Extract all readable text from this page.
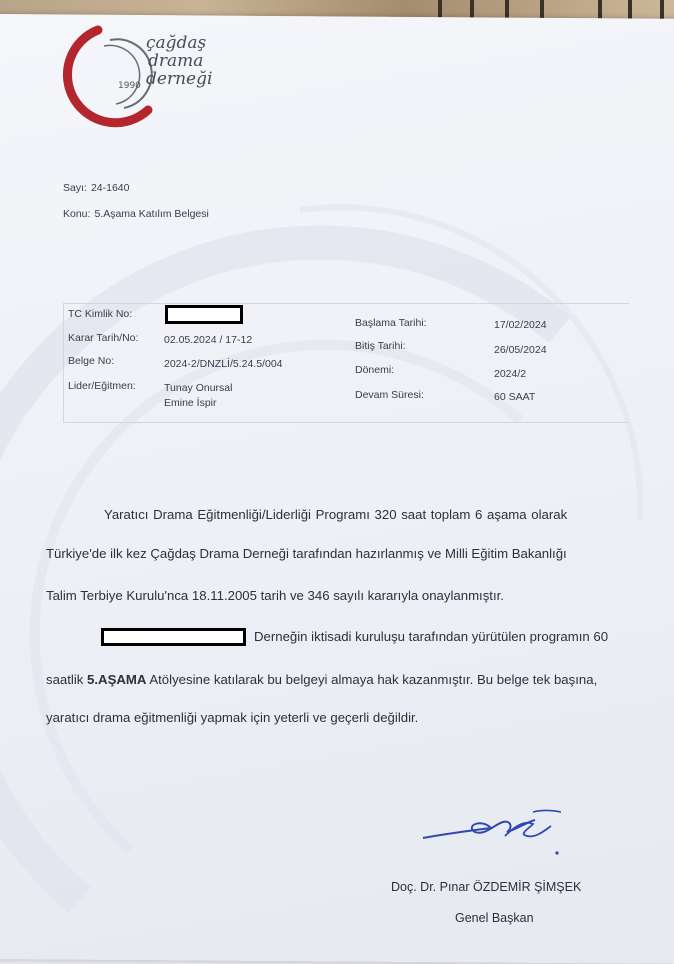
çağdaş
drama
derneği
1990
Sayı: 24-1640
Konu: 5.Aşama Katılım Belgesi
TC Kimlik No:
Karar Tarih/No: 02.05.2024 / 17-12
Belge No:	2024-2/DNZLİ/5.24.5/004
Lider/Eğitmen:	Tunay Onursal
Emine İspir
Başlama Tarihi:	17/02/2024
Bitiş Tarihi:	26/05/2024
Dönemi:	2024/2
Devam Süresi:	60 SAAT
Yaratıcı Drama Eğitmenliği/Liderliği Programı 320 saat toplam 6 aşama olarak
Türkiye'de ilk kez Çağdaş Drama Derneği tarafından hazırlanmış ve Milli Eğitim Bakanlığı
Talim Terbiye Kurulu'nca 18.11.2005 tarih ve 346 sayılı kararıyla onaylanmıştır.
Derneğin iktisadi kuruluşu tarafından yürütülen programın 60
saatlik 5.AŞAMA Atölyesine katılarak bu belgeyi almaya hak kazanmıştır. Bu belge tek başına,
yaratıcı drama eğitmenliği yapmak için yeterli ve geçerli değildir.
Doç. Dr. Pınar ÖZDEMİR ŞİMŞEK
Genel Başkan
